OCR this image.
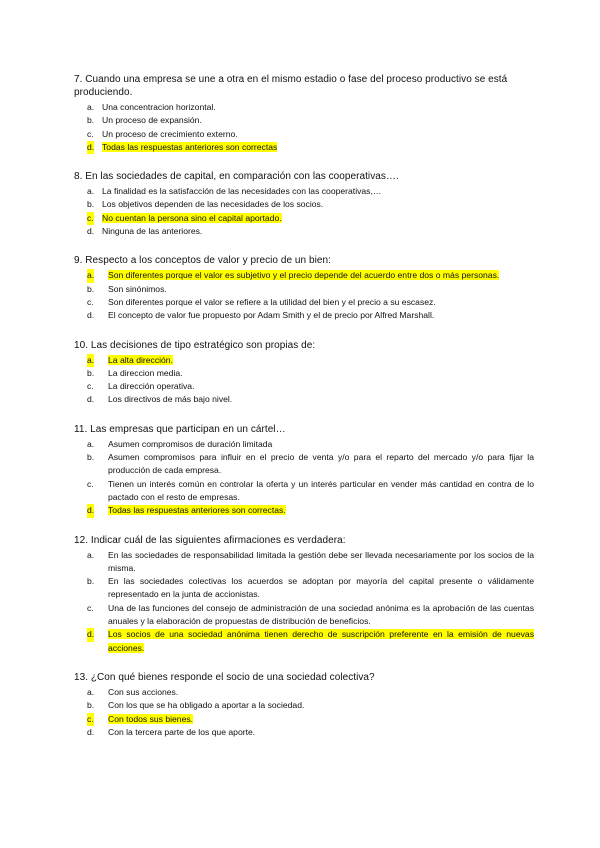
7. Cuando una empresa se une a otra en el mismo estadio o fase del proceso productivo se está produciendo.

a. Una concentracion horizontal.
b. Un proceso de expansión.
c. Un proceso de crecimiento externo.
d. Todas las respuestas anteriores son correctas

8. En las sociedades de capital, en comparación con las cooperativas….

a. La finalidad es la satisfacción de las necesidades con las cooperativas,…
b. Los objetivos dependen de las necesidades de los socios.
c. No cuentan la persona sino el capital aportado.
d. Ninguna de las anteriores.

9. Respecto a los conceptos de valor y precio de un bien:

a. Son diferentes porque el valor es subjetivo y el precio depende del acuerdo entre dos o más personas.
b. Son sinónimos.
c. Son diferentes porque el valor se refiere a la utilidad del bien y el precio a su escasez.
d. El concepto de valor fue propuesto por Adam Smith y el de precio por Alfred Marshall.

10. Las decisiones de tipo estratégico son propias de:

a. La alta dirección.
b. La direccion media.
c. La dirección operativa.
d. Los directivos de más bajo nivel.

11. Las empresas que participan en un cártel…

a. Asumen compromisos de duración limitada
b. Asumen compromisos para influir en el precio de venta y/o para el reparto del mercado y/o para fijar la producción de cada empresa.
c. Tienen un interés común en controlar la oferta y un interés particular en vender más cantidad en contra de lo pactado con el resto de empresas.
d. Todas las respuestas anteriores son correctas.

12. Indicar cuál de las siguientes afirmaciones es verdadera:

a. En las sociedades de responsabilidad limitada la gestión debe ser llevada necesariamente por los socios de la misma.
b. En las sociedades colectivas los acuerdos se adoptan por mayoría del capital presente o válidamente representado en la junta de accionistas.
c. Una de las funciones del consejo de administración de una sociedad anónima es la aprobación de las cuentas anuales y la elaboración de propuestas de distribución de beneficios.
d. Los socios de una sociedad anónima tienen derecho de suscripción preferente en la emisión de nuevas acciones.

13. ¿Con qué bienes responde el socio de una sociedad colectiva?

a. Con sus acciones.
b. Con los que se ha obligado a aportar a la sociedad.
c. Con todos sus bienes.
d. Con la tercera parte de los que aporte.
